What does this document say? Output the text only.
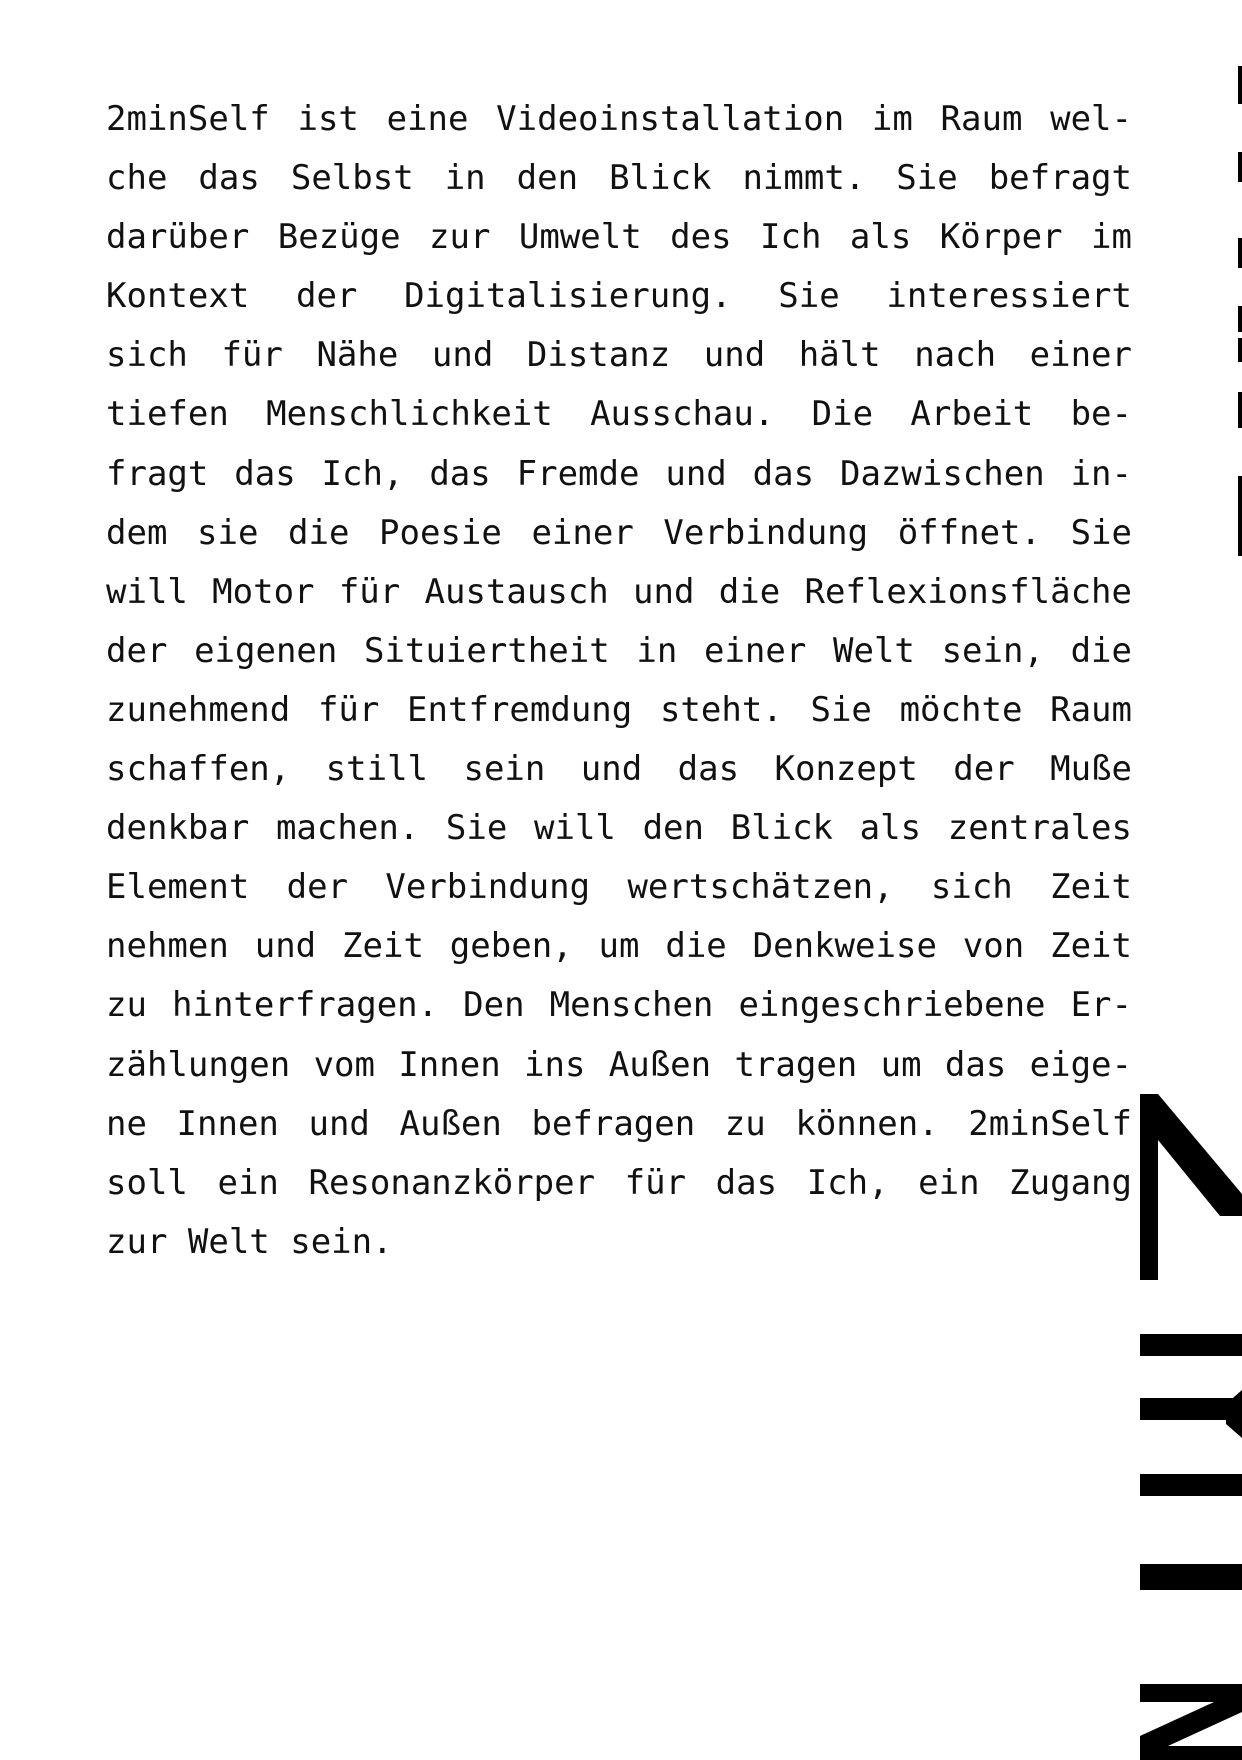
2minSelf ist eine Videoinstallation im Raum wel-
che das Selbst in den Blick nimmt. Sie befragt
darüber Bezüge zur Umwelt des Ich als Körper im
Kontext der Digitalisierung. Sie interessiert
sich für Nähe und Distanz und hält nach einer
tiefen Menschlichkeit Ausschau. Die Arbeit be-
fragt das Ich, das Fremde und das Dazwischen in-
dem sie die Poesie einer Verbindung öffnet. Sie
will Motor für Austausch und die Reflexionsfläche
der eigenen Situiertheit in einer Welt sein, die
zunehmend für Entfremdung steht. Sie möchte Raum
schaffen, still sein und das Konzept der Muße
denkbar machen. Sie will den Blick als zentrales
Element der Verbindung wertschätzen, sich Zeit
nehmen und Zeit geben, um die Denkweise von Zeit
zu hinterfragen. Den Menschen eingeschriebene Er-
zählungen vom Innen ins Außen tragen um das eige-
ne Innen und Außen befragen zu können. 2minSelf
soll ein Resonanzkörper für das Ich, ein Zugang
zur Welt sein.
